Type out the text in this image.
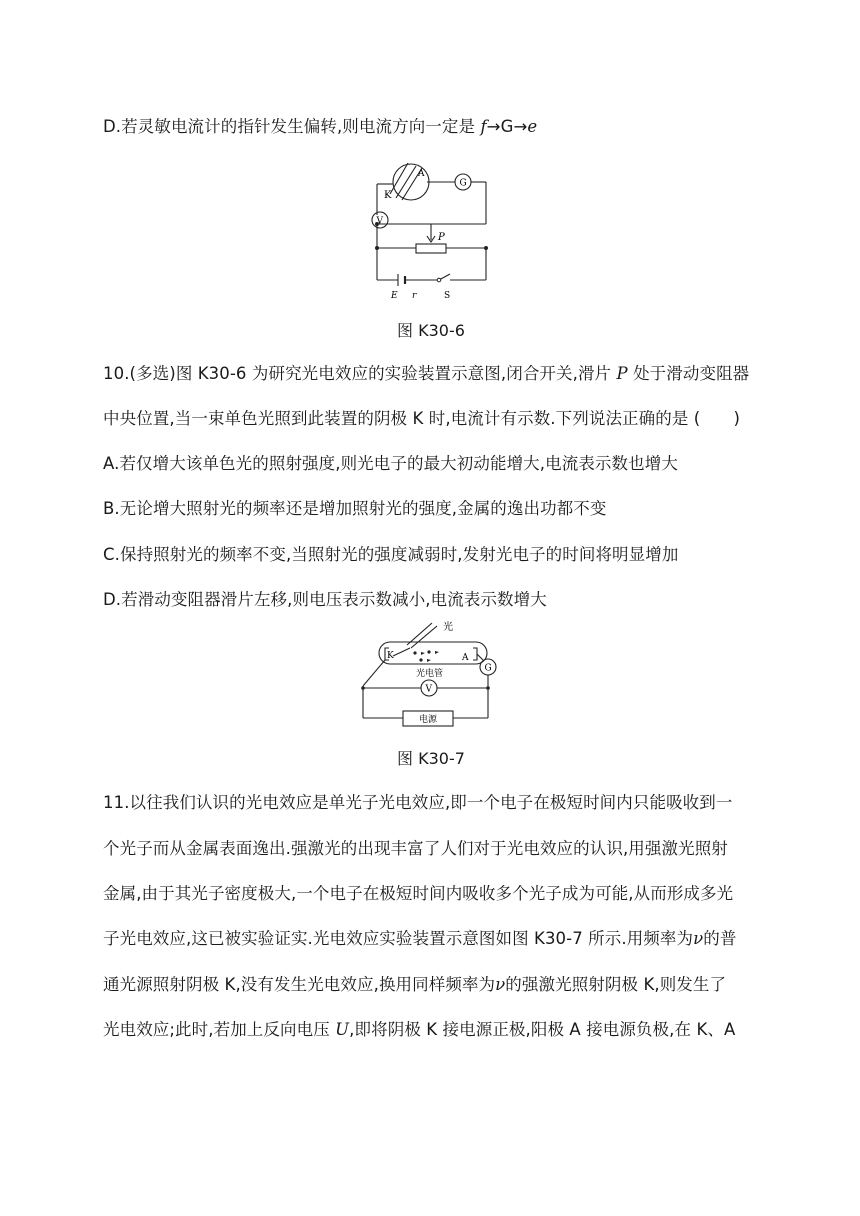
D.若灵敏电流计的指针发生偏转,则电流方向一定是 f→G→e
A
G
K
V
P
E r	S
图 K30-6
10.(多选)图 K30-6 为研究光电效应的实验装置示意图,闭合开关,滑片 P 处于滑动变阻器
中央位置,当一束单色光照到此装置的阴极 K 时,电流计有示数.下列说法正确的是 (　　)
A.若仅增大该单色光的照射强度,则光电子的最大初动能增大,电流表示数也增大
B.无论增大照射光的频率还是增加照射光的强度,金属的逸出功都不变
C.保持照射光的频率不变,当照射光的强度减弱时,发射光电子的时间将明显增加
D.若滑动变阻器滑片左移,则电压表示数减小,电流表示数增大
光
K	A
光电管
G
V
电源
图 K30-7
11.以往我们认识的光电效应是单光子光电效应,即一个电子在极短时间内只能吸收到一
个光子而从金属表面逸出.强激光的出现丰富了人们对于光电效应的认识,用强激光照射
金属,由于其光子密度极大,一个电子在极短时间内吸收多个光子成为可能,从而形成多光
子光电效应,这已被实验证实.光电效应实验装置示意图如图 K30-7 所示.用频率为ν的普
通光源照射阴极 K,没有发生光电效应,换用同样频率为ν的强激光照射阴极 K,则发生了
光电效应;此时,若加上反向电压 U,即将阴极 K 接电源正极,阳极 A 接电源负极,在 K、A
